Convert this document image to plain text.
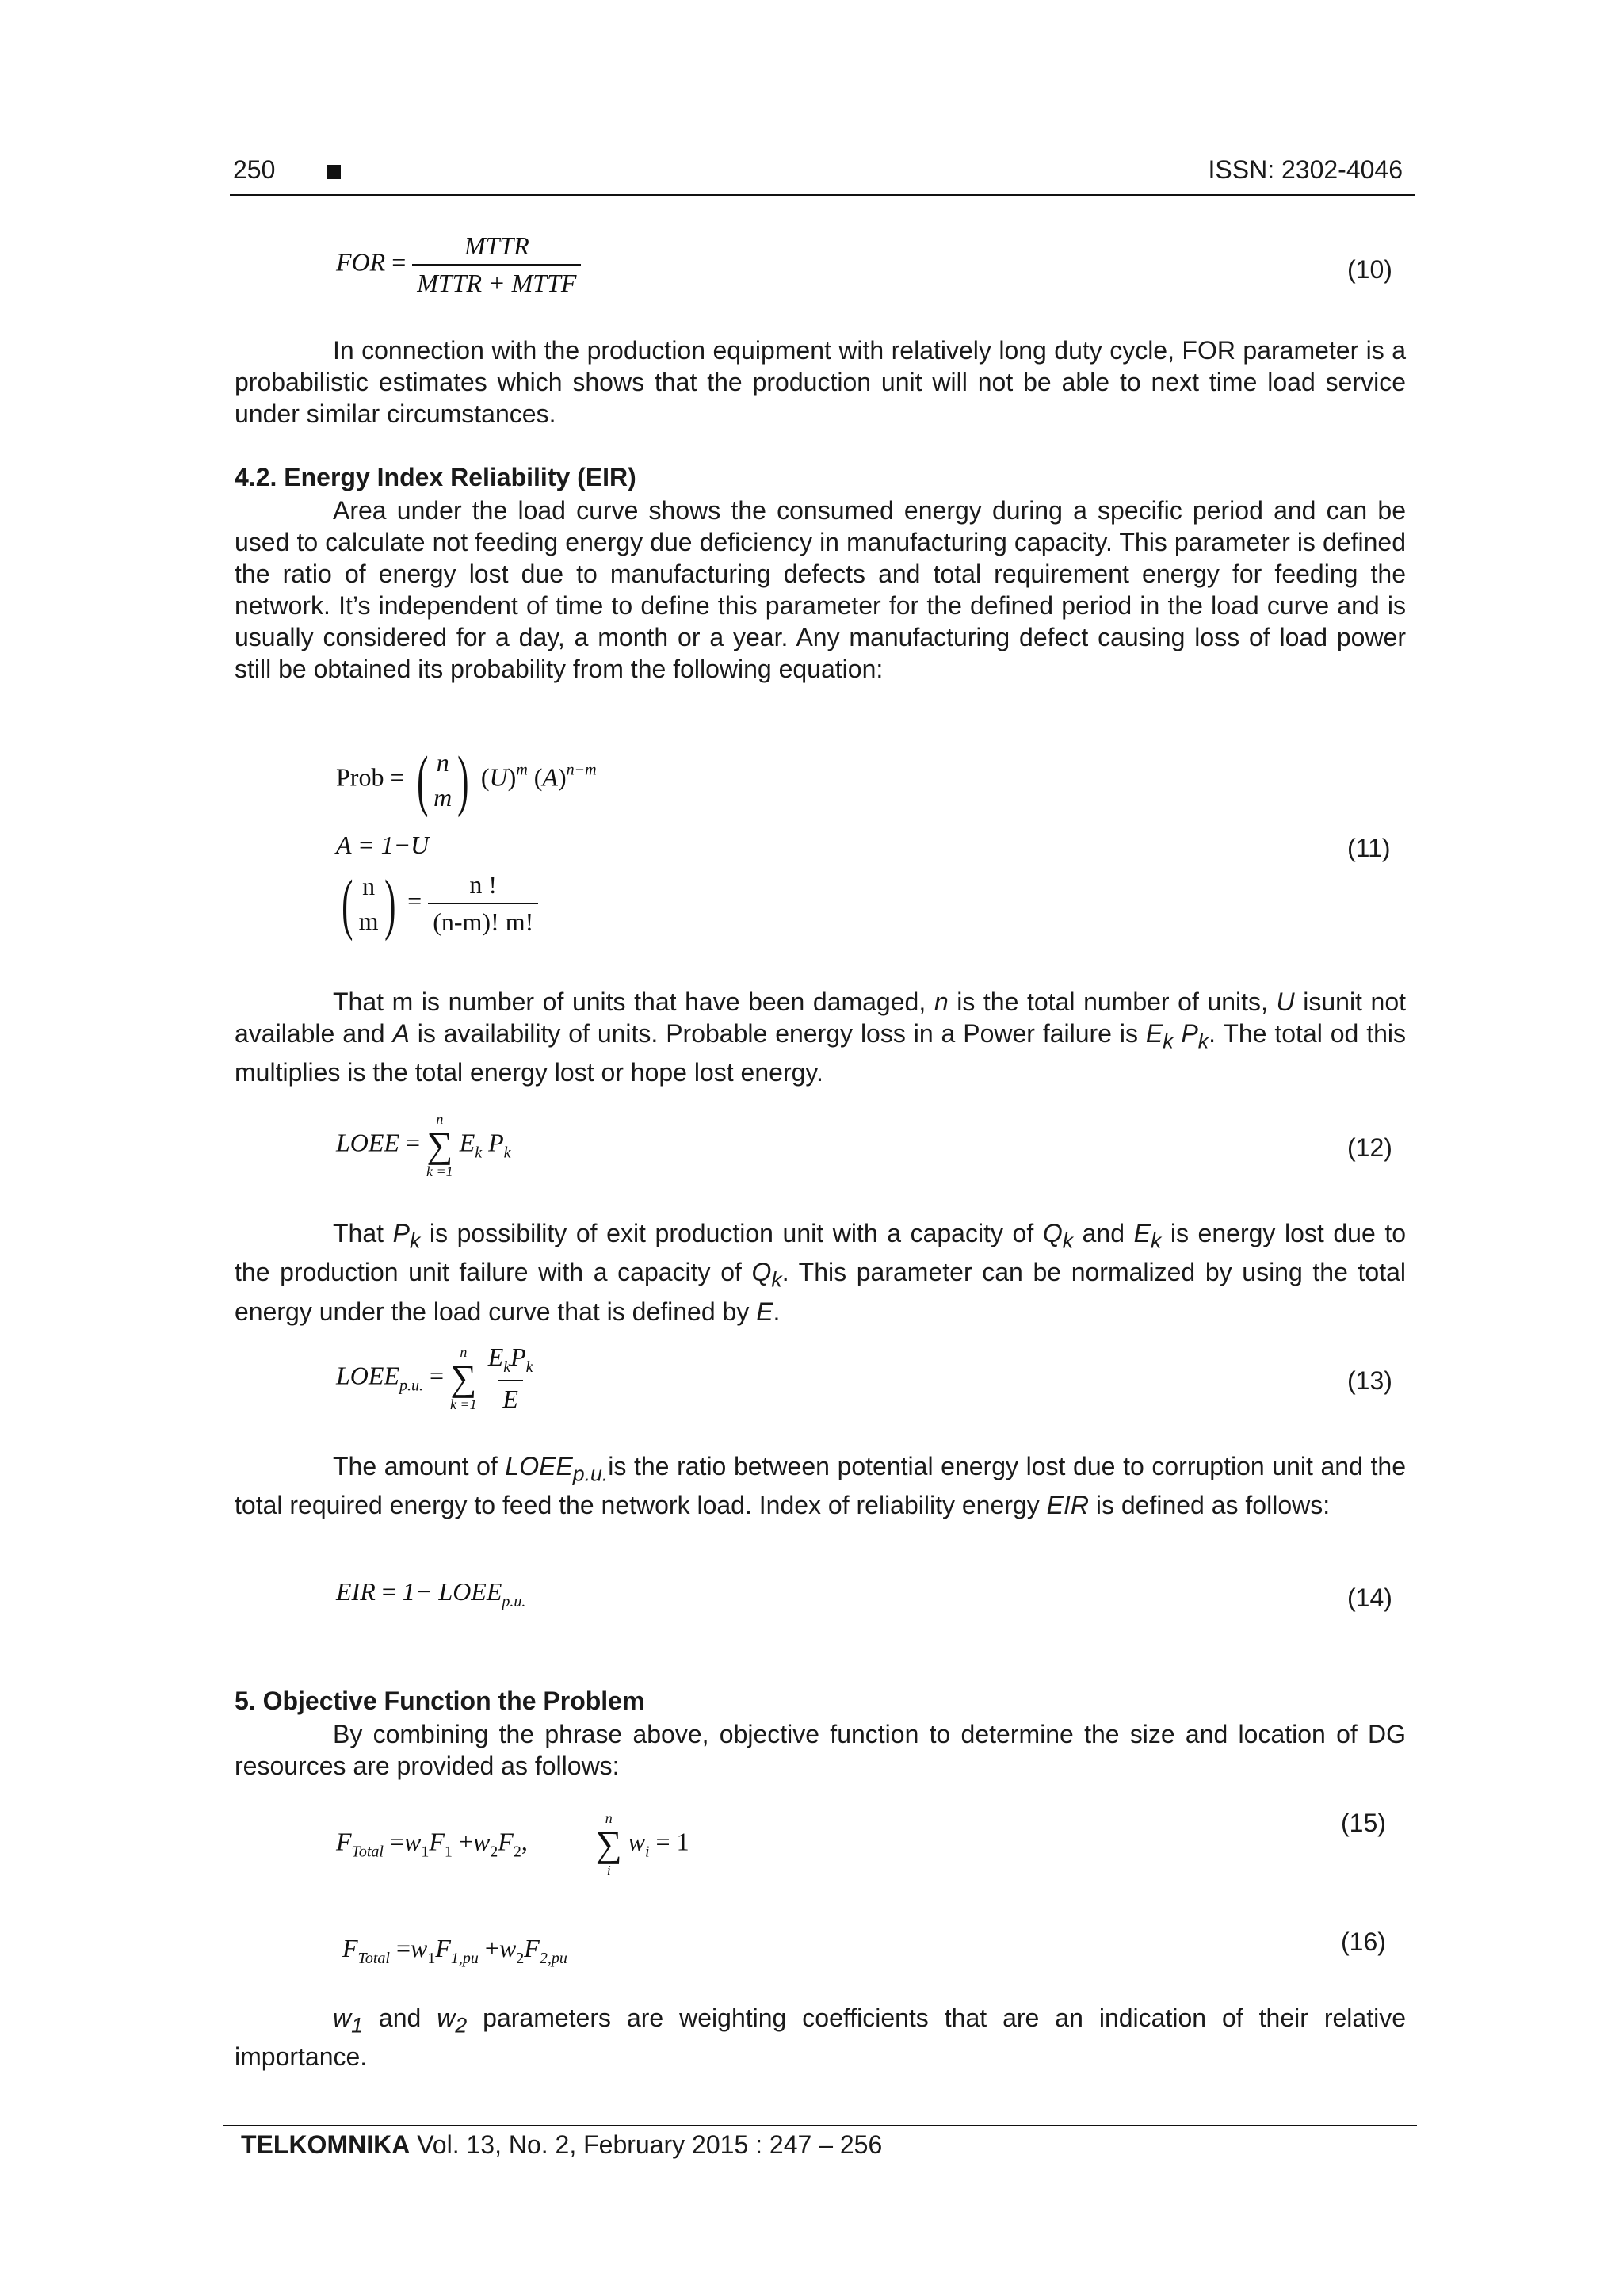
250	ISSN: 2302-4046
FOR = $\frac{\text{MTTR}}{\text{MTTR + MTTF}}$	(10)

In connection with the production equipment with relatively long duty cycle, FOR parameter is a probabilistic estimates which shows that the production unit will not be able to next time load service under similar circumstances.

4.2. Energy Index Reliability (EIR)

Area under the load curve shows the consumed energy during a specific period and can be used to calculate not feeding energy due deficiency in manufacturing capacity. This parameter is defined the ratio of energy lost due to manufacturing defects and total requirement energy for feeding the network. It’s independent of time to define this parameter for the defined period in the load curve and is usually considered for a day, a month or a year. Any manufacturing defect causing loss of load power still be obtained its probability from the following equation:

Prob = ( n
m ) $(U)^m$ $(A)^{n-m}$
A = 1−U
( n
m ) = $\frac{n !}{(n-m)! m!}$
(11)

That m is number of units that have been damaged, n is the total number of units, U isunit not available and A is availability of units. Probable energy loss in a Power failure is $E_k$ $P_k$. The total od this multiplies is the total energy lost or hope lost energy.

LOEE =
n
∑
k =1
$E_k$ $P_k$	(12)

That $P_k$ is possibility of exit production unit with a capacity of $Q_k$ and $E_k$ is energy lost due to the production unit failure with a capacity of $Q_k$. This parameter can be normalized by using the total energy under the load curve that is defined by E.

$LOEE_{p.u.}$ =
n
∑
k =1
$\frac{E_kP_k}{E}$	(13)

The amount of $LOEE_{p.u.}is$ the ratio between potential energy lost due to corruption unit and the total required energy to feed the network load. Index of reliability energy EIR is defined as follows:

EIR = $1- LOEE_{p.u.}$	(14)

5. Objective Function the Problem

By combining the phrase above, objective function to determine the size and location of DG resources are provided as follows:

$F_{Total} =w_1F_1 +w_2F_2$,
n
∑
i
$w_i = 1$
(15)
$F_{Total} =w_1F_{1,pu} +w_2F_{2,pu}$
(16)

$w_1$ and $w_2$ parameters are weighting coefficients that are an indication of their relative importance.

TELKOMNIKA Vol. 13, No. 2, February 2015 : 247 – 256
